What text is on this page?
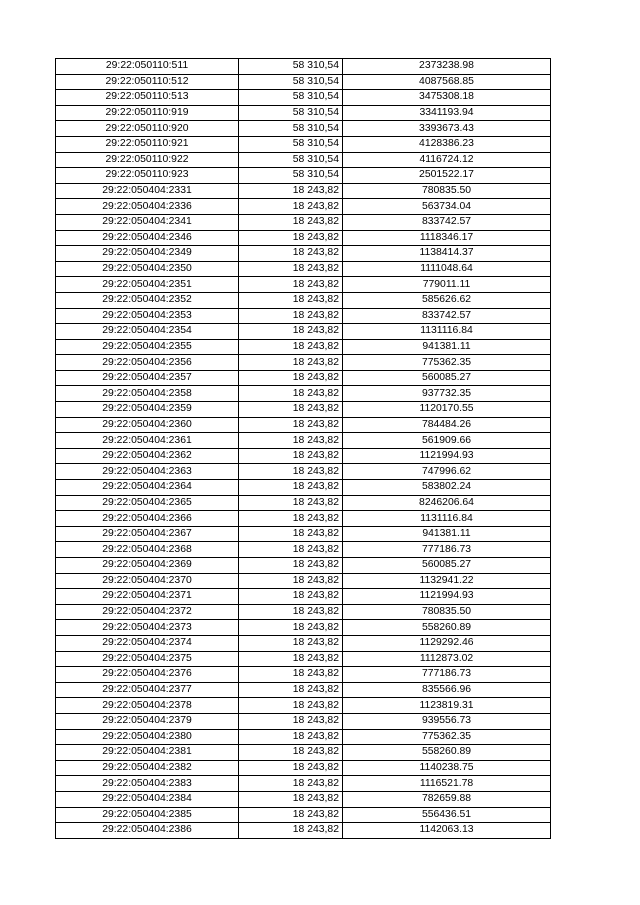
29:22:050110:511	58 310,54	2373238.98
29:22:050110:512	58 310,54	4087568.85
29:22:050110:513	58 310,54	3475308.18
29:22:050110:919	58 310,54	3341193.94
29:22:050110:920	58 310,54	3393673.43
29:22:050110:921	58 310,54	4128386.23
29:22:050110:922	58 310,54	4116724.12
29:22:050110:923	58 310,54	2501522.17
29:22:050404:2331	18 243,82	780835.50
29:22:050404:2336	18 243,82	563734.04
29:22:050404:2341	18 243,82	833742.57
29:22:050404:2346	18 243,82	1118346.17
29:22:050404:2349	18 243,82	1138414.37
29:22:050404:2350	18 243,82	1111048.64
29:22:050404:2351	18 243,82	779011.11
29:22:050404:2352	18 243,82	585626.62
29:22:050404:2353	18 243,82	833742.57
29:22:050404:2354	18 243,82	1131116.84
29:22:050404:2355	18 243,82	941381.11
29:22:050404:2356	18 243,82	775362.35
29:22:050404:2357	18 243,82	560085.27
29:22:050404:2358	18 243,82	937732.35
29:22:050404:2359	18 243,82	1120170.55
29:22:050404:2360	18 243,82	784484.26
29:22:050404:2361	18 243,82	561909.66
29:22:050404:2362	18 243,82	1121994.93
29:22:050404:2363	18 243,82	747996.62
29:22:050404:2364	18 243,82	583802.24
29:22:050404:2365	18 243,82	8246206.64
29:22:050404:2366	18 243,82	1131116.84
29:22:050404:2367	18 243,82	941381.11
29:22:050404:2368	18 243,82	777186.73
29:22:050404:2369	18 243,82	560085.27
29:22:050404:2370	18 243,82	1132941.22
29:22:050404:2371	18 243,82	1121994.93
29:22:050404:2372	18 243,82	780835.50
29:22:050404:2373	18 243,82	558260.89
29:22:050404:2374	18 243,82	1129292.46
29:22:050404:2375	18 243,82	1112873.02
29:22:050404:2376	18 243,82	777186.73
29:22:050404:2377	18 243,82	835566.96
29:22:050404:2378	18 243,82	1123819.31
29:22:050404:2379	18 243,82	939556.73
29:22:050404:2380	18 243,82	775362.35
29:22:050404:2381	18 243,82	558260.89
29:22:050404:2382	18 243,82	1140238.75
29:22:050404:2383	18 243,82	1116521.78
29:22:050404:2384	18 243,82	782659.88
29:22:050404:2385	18 243,82	556436.51
29:22:050404:2386	18 243,82	1142063.13
